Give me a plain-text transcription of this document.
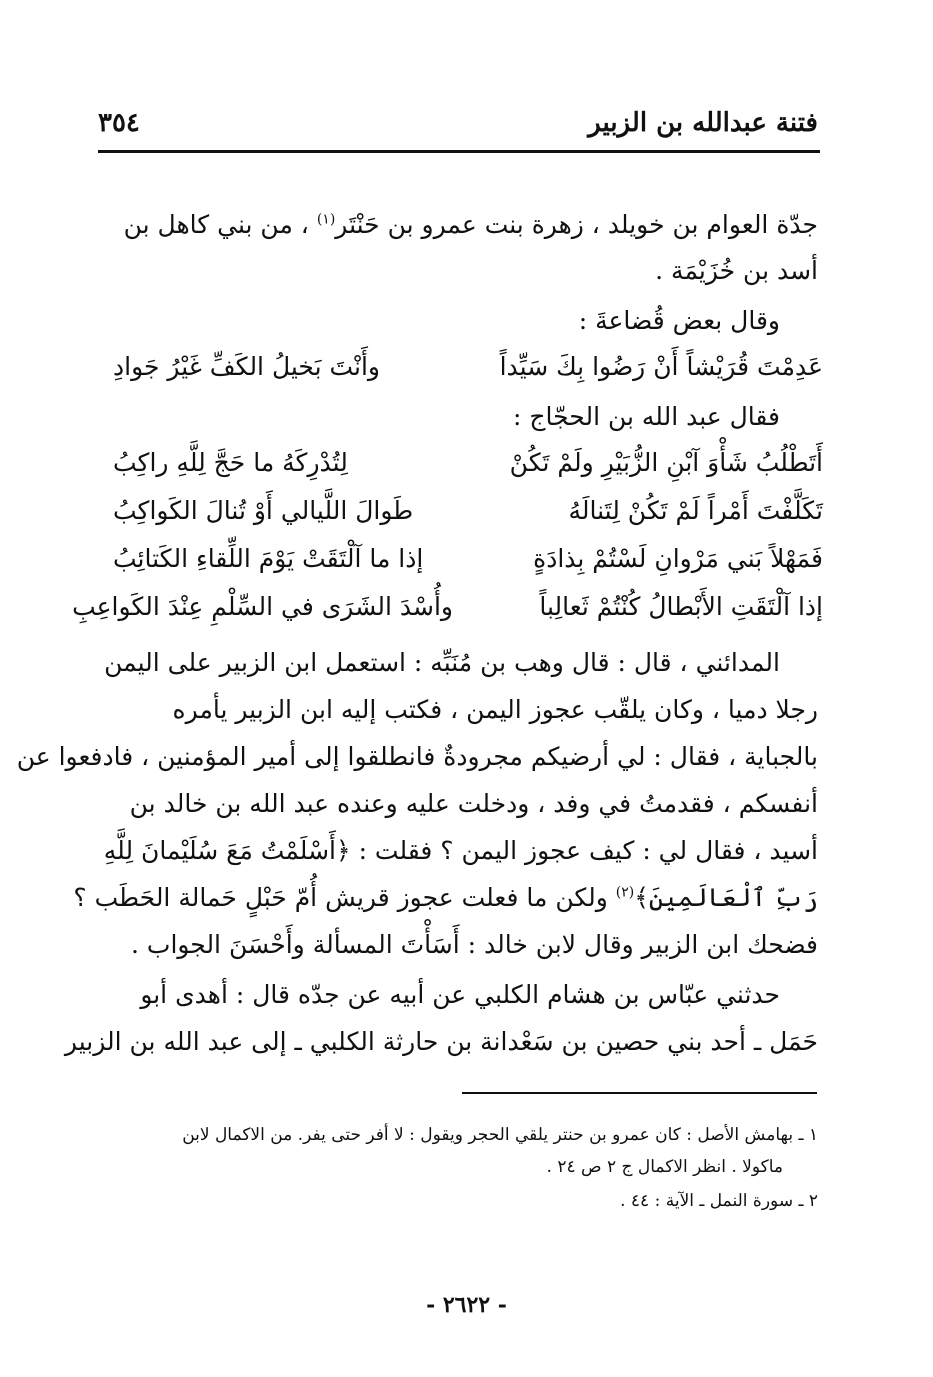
فتنة عبدالله بن الزبير
٣٥٤
جدّة العوام بن خويلد ، زهرة بنت عمرو بن حَنْتَر$^{(١)}$ ، من بني كاهل بن
أسد بن خُزَيْمَة .
وقال بعض قُضاعةَ :
عَدِمْتَ قُرَيْشاً أَنْ رَضُوا بِكَ سَيِّداً
وأَنْتَ بَخيلُ الكَفِّ غَيْرُ جَوادِ
فقال عبد الله بن الحجّاج :
أَتَطْلُبُ شَأْوَ آبْنِ الزُّبَيْرِ ولَمْ تَكُنْ
لِتُدْرِكَهُ ما حَجَّ لِلَّهِ راكِبُ
تَكَلَّفْتَ أَمْراً لَمْ تَكُنْ لِتَنالَهُ
طَوالَ اللَّيالي أَوْ تُنالَ الكَواكِبُ
فَمَهْلاً بَني مَرْوانِ لَسْتُمْ بِذادَةٍ
إذا ما آلْتَقَتْ يَوْمَ اللِّقاءِ الكَتائِبُ
إذا آلْتَقَتِ الأَبْطالُ كُنْتُمْ ثَعالِباً
وأُسْدَ الشَرَى في السِّلْمِ عِنْدَ الكَواعِبِ
المدائني ، قال : قال وهب بن مُنَبِّه : استعمل ابن الزبير على اليمن
رجلا دميا ، وكان يلقّب عجوز اليمن ، فكتب إليه ابن الزبير يأمره
بالجباية ، فقال : لي أرضيكم مجرودةٌ فانطلقوا إلى أمير المؤمنين ، فادفعوا عن
أنفسكم ، فقدمتُ في وفد ، ودخلت عليه وعنده عبد الله بن خالد بن
أسيد ، فقال لي : كيف عجوز اليمن ؟ فقلت : ﴿أَسْلَمْتُ مَعَ سُلَيْمانَ لِلَّهِ
رَبِّ ٱلْعَالَمِينَ﴾$^{(٢)}$ ولكن ما فعلت عجوز قريش أُمّ حَبْلٍ حَمالة الحَطَب ؟
فضحك ابن الزبير وقال لابن خالد : أَسَأْتَ المسألة وأَحْسَنَ الجواب .
حدثني عبّاس بن هشام الكلبي عن أبيه عن جدّه قال : أهدى أبو
حَمَل ـ أحد بني حصين بن سَعْدانة بن حارثة الكلبي ـ إلى عبد الله بن الزبير
١ ـ بهامش الأصل : كان عمرو بن حنتر يلقي الحجر ويقول : لا أفر حتى يفر. من الاكمال لابن
ماكولا . انظر الاكمال ج ٢ ص ٢٤ .
٢ ـ سورة النمل ـ الآية : ٤٤ .
- ٢٦٢٢ -
